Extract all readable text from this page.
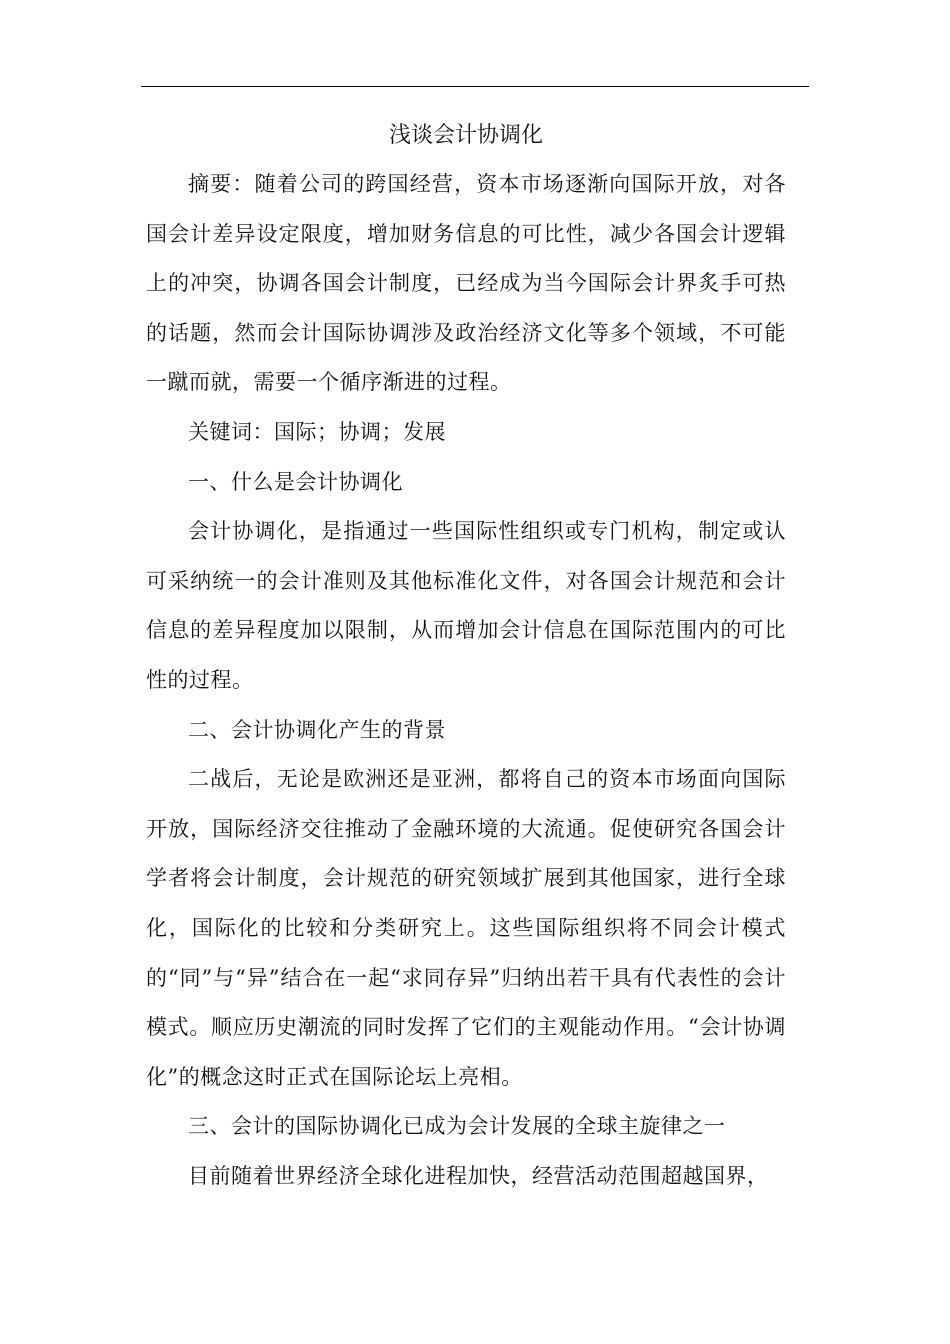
浅谈会计协调化

摘要：随着公司的跨国经营，资本市场逐渐向国际开放，对各国会计差异设定限度，增加财务信息的可比性，减少各国会计逻辑上的冲突，协调各国会计制度，已经成为当今国际会计界炙手可热的话题，然而会计国际协调涉及政治经济文化等多个领域，不可能一蹴而就，需要一个循序渐进的过程。

关键词：国际；协调；发展

一、什么是会计协调化

会计协调化，是指通过一些国际性组织或专门机构，制定或认可采纳统一的会计准则及其他标准化文件，对各国会计规范和会计信息的差异程度加以限制，从而增加会计信息在国际范围内的可比性的过程。

二、会计协调化产生的背景

二战后，无论是欧洲还是亚洲，都将自己的资本市场面向国际开放，国际经济交往推动了金融环境的大流通。促使研究各国会计学者将会计制度，会计规范的研究领域扩展到其他国家，进行全球化，国际化的比较和分类研究上。这些国际组织将不同会计模式的“同”与“异”结合在一起“求同存异”归纳出若干具有代表性的会计模式。顺应历史潮流的同时发挥了它们的主观能动作用。“会计协调化”的概念这时正式在国际论坛上亮相。

三、会计的国际协调化已成为会计发展的全球主旋律之一

目前随着世界经济全球化进程加快，经营活动范围超越国界，
